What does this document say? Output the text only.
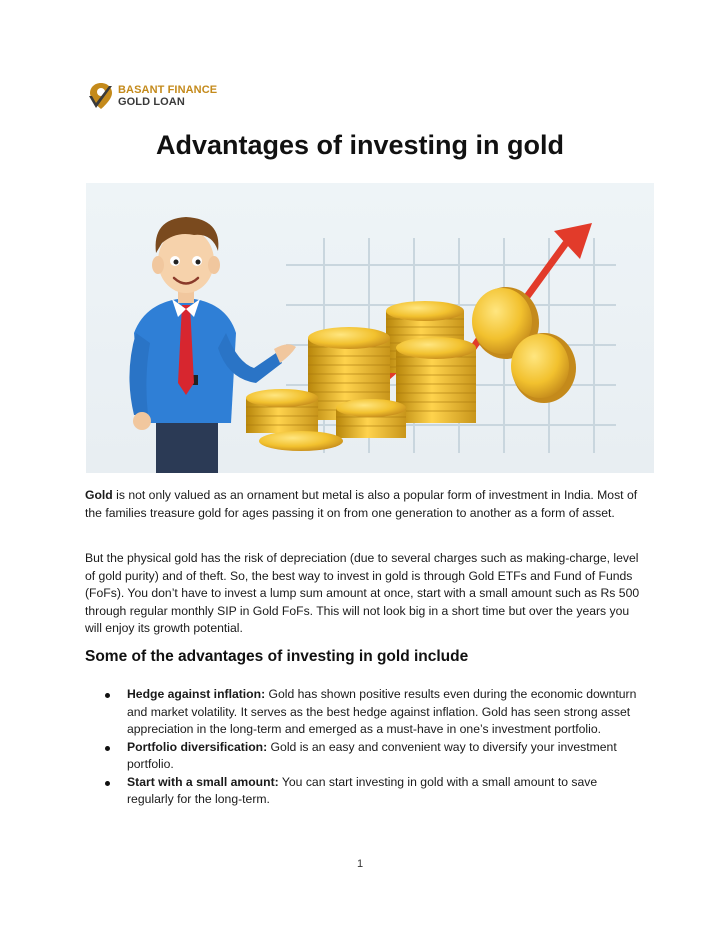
BASANT FINANCE
GOLD LOAN
Advantages of investing in gold

Gold is not only valued as an ornament but metal is also a popular form of investment in India. Most of the families treasure gold for ages passing it on from one generation to another as a form of asset.

But the physical gold has the risk of depreciation (due to several charges such as making-charge, level of gold purity) and of theft. So, the best way to invest in gold is through Gold ETFs and Fund of Funds (FoFs). You don’t have to invest a lump sum amount at once, start with a small amount such as Rs 500 through regular monthly SIP in Gold FoFs. This will not look big in a short time but over the years you will enjoy its growth potential.

Some of the advantages of investing in gold include
Hedge against inflation: Gold has shown positive results even during the economic downturn and market volatility. It serves as the best hedge against inflation. Gold has seen strong asset appreciation in the long-term and emerged as a must-have in one’s investment portfolio.
Portfolio diversification: Gold is an easy and convenient way to diversify your investment portfolio.
Start with a small amount: You can start investing in gold with a small amount to save regularly for the long-term.
1
